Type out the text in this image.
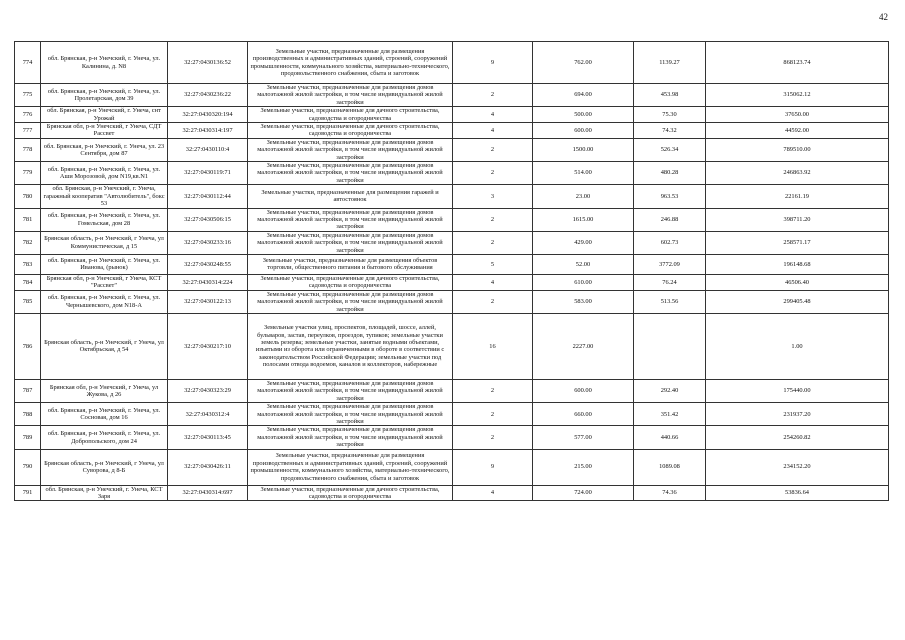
42
774	обл. Брянская, р-н Унечский, г. Унеча, ул. Калинина, д. N8	32:27:0430136:52	Земельные участки, предназначенные для размещения производственных и административных зданий, строений, сооружений промышленности, коммунального хозяйства, материально-технического, продовольственного снабжения, сбыта и заготовок	9	762.00	1139.27	868123.74
775	обл. Брянская, р-н Унечский, г. Унеча, ул. Пролетарская, дом 39	32:27:0430236:22	Земельные участки, предназначенные для размещения домов малоэтажной жилой застройки, в том числе индивидуальной жилой застройки	2	694.00	453.98	315062.12
776	обл. Брянская, р-н Унечский, г. Унеча, снт Урожай	32:27:0430320:194	Земельные участки, предназначенные для дачного строительства, садоводства и огородничества	4	500.00	75.30	37650.00
777	Брянская обл, р-н Унечский, г Унеча, СДТ Рассвет	32:27:0430314:197	Земельные участки, предназначенные для дачного строительства, садоводства и огородничества	4	600.00	74.32	44592.00
778	обл. Брянская, р-н Унечский, г. Унеча, ул. 23 Сентября, дом 87	32:27:0430110:4	Земельные участки, предназначенные для размещения домов малоэтажной жилой застройки, в том числе индивидуальной жилой застройки	2	1500.00	526.34	789510.00
779	обл. Брянская, р-н Унечский, г. Унеча, ул. Аши Морозовой, дом N19,кв.N1	32:27:0430119:71	Земельные участки, предназначенные для размещения домов малоэтажной жилой застройки, в том числе индивидуальной жилой застройки	2	514.00	480.28	246863.92
780	обл. Брянская, р-н Унечский, г. Унеча, гаражный кооператив "Автолюбитель", бокс 53	32:27:0430112:44	Земельные участки, предназначенные для размещения гаражей и автостоянок	3	23.00	963.53	22161.19
781	обл. Брянская, р-н Унечский, г. Унеча, ул. Гомельская, дом 28	32:27:0430506:15	Земельные участки, предназначенные для размещения домов малоэтажной жилой застройки, в том числе индивидуальной жилой застройки	2	1615.00	246.88	398711.20
782	Брянская область, р-н Унечский, г Унеча, ул Коммунистическая, д 15	32:27:0430233:16	Земельные участки, предназначенные для размещения домов малоэтажной жилой застройки, в том числе индивидуальной жилой застройки	2	429.00	602.73	258571.17
783	обл. Брянская, р-н Унечский, г. Унеча, ул. Иванова, (рынок)	32:27:0430248:55	Земельные участки, предназначенные для размещения объектов торговли, общественного питания и бытового обслуживания	5	52.00	3772.09	196148.68
784	Брянская обл, р-н Унечский, г Унеча, КСТ "Рассвет"	32:27:0430314:224	Земельные участки, предназначенные для дачного строительства, садоводства и огородничества	4	610.00	76.24	46506.40
785	обл. Брянская, р-н Унечский, г. Унеча, ул. Чернышевского, дом N18-А	32:27:0430122:13	Земельные участки, предназначенные для размещения домов малоэтажной жилой застройки, в том числе индивидуальной жилой застройки	2	583.00	513.56	299405.48
786	Брянская область, р-н Унечский, г Унеча, ул Октябрьская, д 54	32:27:0430217:10	Земельные участки улиц, проспектов, площадей, шоссе, аллей, бульваров, застав, переулков, проездов, тупиков; земельные участки земель резерва; земельные участки, занятые водными объектами, изъятыми из оборота или ограниченными в обороте в соответствии с законодательством Российской Федерации; земельные участки под полосами отвода водоемов, каналов и коллекторов, набережные	16	2227.00		1.00
787	Брянская обл, р-н Унечский, г Унеча, ул Жукова, д 26	32:27:0430323:29	Земельные участки, предназначенные для размещения домов малоэтажной жилой застройки, в том числе индивидуальной жилой застройки	2	600.00	292.40	175440.00
788	обл. Брянская, р-н Унечский, г. Унеча, ул. Сосновая, дом 16	32:27:0430312:4	Земельные участки, предназначенные для размещения домов малоэтажной жилой застройки, в том числе индивидуальной жилой застройки	2	660.00	351.42	231937.20
789	обл. Брянская, р-н Унечский, г. Унеча, ул. Добропольского, дом 24	32:27:0430113:45	Земельные участки, предназначенные для размещения домов малоэтажной жилой застройки, в том числе индивидуальной жилой застройки	2	577.00	440.66	254260.82
790	Брянская область, р-н Унечский, г Унеча, ул Суворова, д 8-Б	32:27:0430426:11	Земельные участки, предназначенные для размещения производственных и административных зданий, строений, сооружений промышленности, коммунального хозяйства, материально-технического, продовольственного снабжения, сбыта и заготовок	9	215.00	1089.08	234152.20
791	обл. Брянская, р-н Унечский, г. Унеча, КСТ Заря	32:27:0430314:697	Земельные участки, предназначенные для дачного строительства, садоводства и огородничества	4	724.00	74.36	53836.64
